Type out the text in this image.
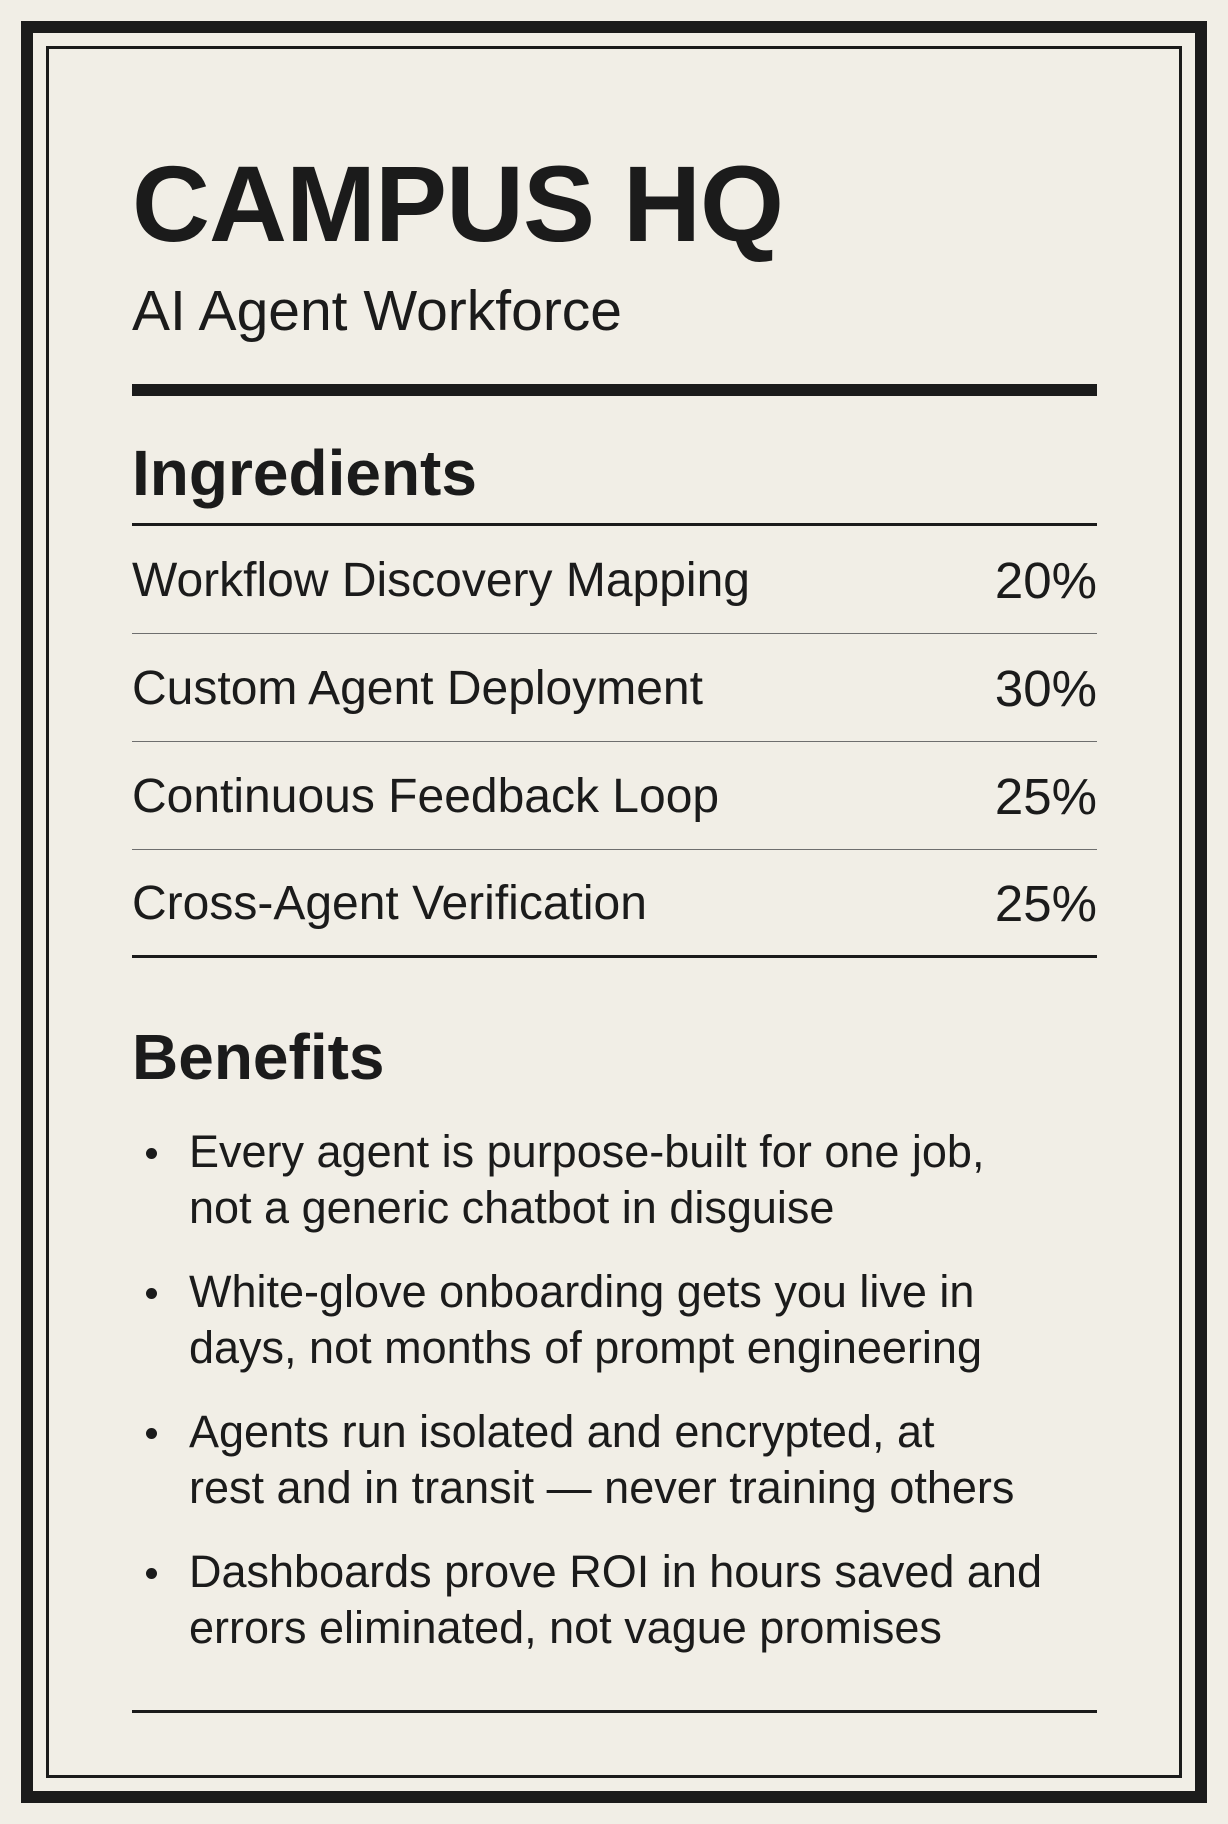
CAMPUS HQ
AI Agent Workforce
Ingredients
Workflow Discovery Mapping	20%
Custom Agent Deployment	30%
Continuous Feedback Loop	25%
Cross-Agent Verification	25%
Benefits
Every agent is purpose-built for one job,
not a generic chatbot in disguise
White-glove onboarding gets you live in
days, not months of prompt engineering
Agents run isolated and encrypted, at
rest and in transit — never training others
Dashboards prove ROI in hours saved and
errors eliminated, not vague promises
